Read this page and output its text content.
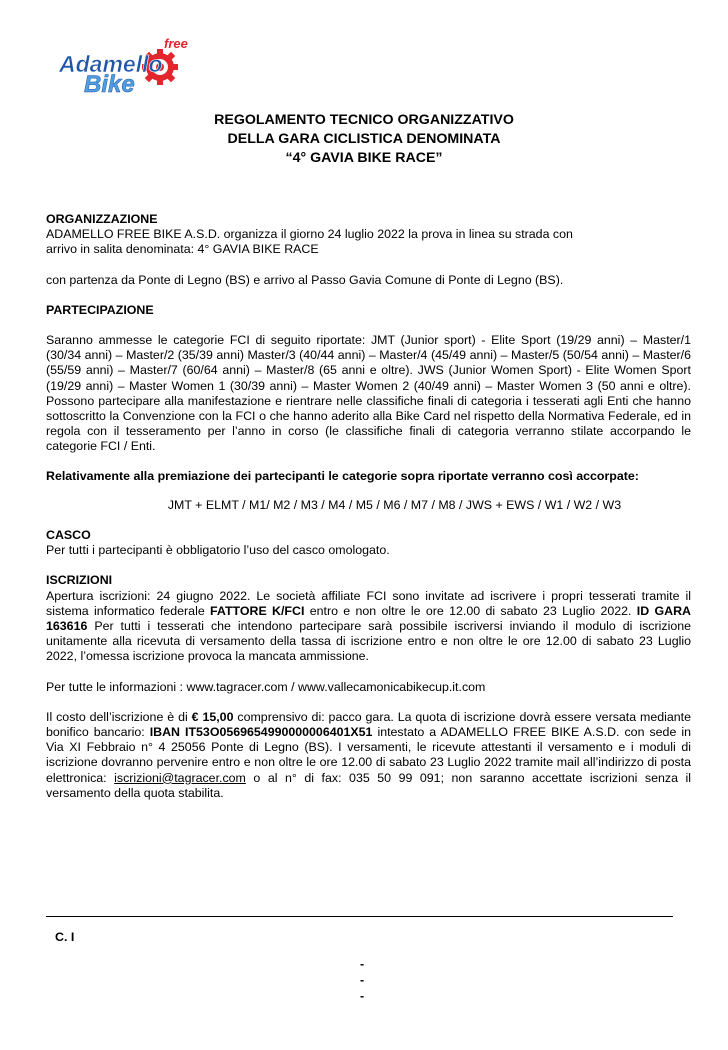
Adamello
Bike
free
REGOLAMENTO TECNICO ORGANIZZATIVO
DELLA GARA CICLISTICA DENOMINATA
“4° GAVIA BIKE RACE”
ORGANIZZAZIONE
ADAMELLO FREE BIKE A.S.D. organizza il giorno 24 luglio 2022 la prova in linea su strada con
arrivo in salita denominata: 4° GAVIA BIKE RACE
con partenza da Ponte di Legno (BS) e arrivo al Passo Gavia Comune di Ponte di Legno (BS).
PARTECIPAZIONE
Saranno ammesse le categorie FCI di seguito riportate: JMT (Junior sport) - Elite Sport (19/29 anni) – Master/1 (30/34 anni) – Master/2 (35/39 anni) Master/3 (40/44 anni) – Master/4 (45/49 anni) – Master/5 (50/54 anni) – Master/6 (55/59 anni) – Master/7 (60/64 anni) – Master/8 (65 anni e oltre). JWS (Junior Women Sport) - Elite Women Sport (19/29 anni) – Master Women 1 (30/39 anni) – Master Women 2 (40/49 anni) – Master Women 3 (50 anni e oltre). Possono partecipare alla manifestazione e rientrare nelle classifiche finali di categoria i tesserati agli Enti che hanno sottoscritto la Convenzione con la FCI o che hanno aderito alla Bike Card nel rispetto della Normativa Federale, ed in regola con il tesseramento per l’anno in corso (le classifiche finali di categoria verranno stilate accorpando le categorie FCI / Enti.
Relativamente alla premiazione dei partecipanti le categorie sopra riportate verranno così accorpate:
JMT + ELMT / M1/ M2 / M3 / M4 / M5 / M6 / M7 / M8 / JWS + EWS / W1 / W2 / W3
CASCO
Per tutti i partecipanti è obbligatorio l’uso del casco omologato.
ISCRIZIONI
Apertura iscrizioni: 24 giugno 2022. Le società affiliate FCI sono invitate ad iscrivere i propri tesserati tramite il sistema informatico federale FATTORE K/FCI entro e non oltre le ore 12.00 di sabato 23 Luglio 2022. ID GARA 163616 Per tutti i tesserati che intendono partecipare sarà possibile iscriversi inviando il modulo di iscrizione unitamente alla ricevuta di versamento della tassa di iscrizione entro e non oltre le ore 12.00 di sabato 23 Luglio 2022, l’omessa iscrizione provoca la mancata ammissione.
Per tutte le informazioni : www.tagracer.com / www.vallecamonicabikecup.it.com
Il costo dell’iscrizione è di € 15,00 comprensivo di: pacco gara. La quota di iscrizione dovrà essere versata mediante bonifico bancario: IBAN IT53O0569654990000006401X51 intestato a ADAMELLO FREE BIKE A.S.D. con sede in Via XI Febbraio n° 4 25056 Ponte di Legno (BS). I versamenti, le ricevute attestanti il versamento e i moduli di iscrizione dovranno pervenire entro e non oltre le ore 12.00 di sabato 23 Luglio 2022 tramite mail all’indirizzo di posta elettronica: iscrizioni@tagracer.com o al n° di fax: 035 50 99 091; non saranno accettate iscrizioni senza il versamento della quota stabilita.
C. I
-
-
-
